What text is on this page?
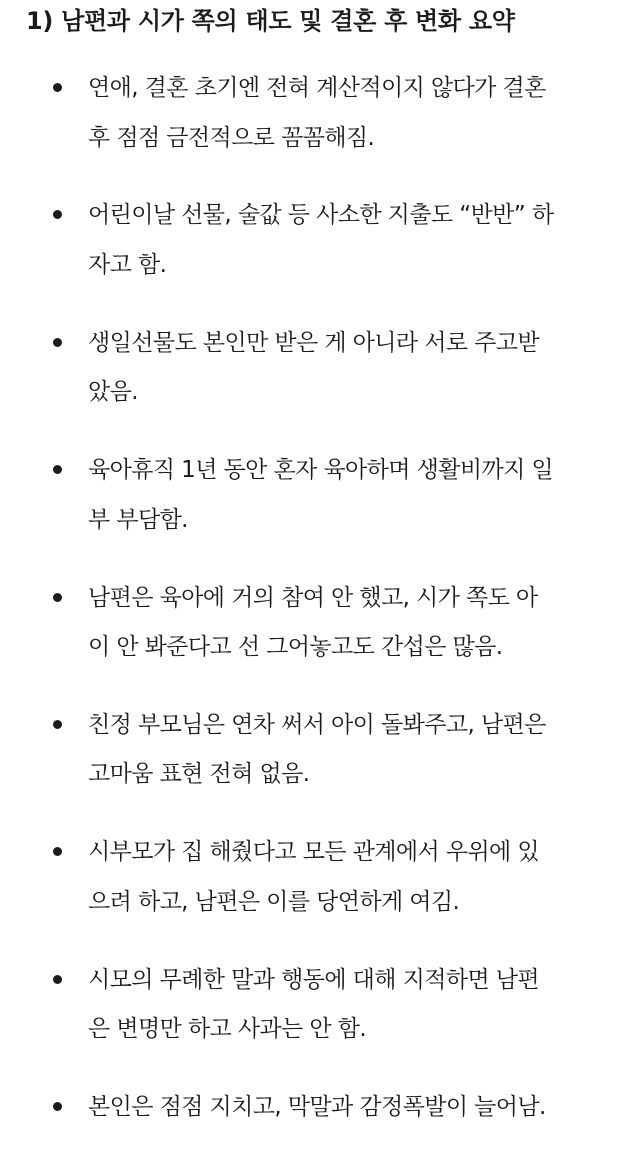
1) 남편과 시가 쪽의 태도 및 결혼 후 변화 요약
연애, 결혼 초기엔 전혀 계산적이지 않다가 결혼
후 점점 금전적으로 꼼꼼해짐.
어린이날 선물, 술값 등 사소한 지출도 “반반” 하
자고 함.
생일선물도 본인만 받은 게 아니라 서로 주고받
았음.
육아휴직 1년 동안 혼자 육아하며 생활비까지 일
부 부담함.
남편은 육아에 거의 참여 안 했고, 시가 쪽도 아
이 안 봐준다고 선 그어놓고도 간섭은 많음.
친정 부모님은 연차 써서 아이 돌봐주고, 남편은
고마움 표현 전혀 없음.
시부모가 집 해줬다고 모든 관계에서 우위에 있
으려 하고, 남편은 이를 당연하게 여김.
시모의 무례한 말과 행동에 대해 지적하면 남편
은 변명만 하고 사과는 안 함.
본인은 점점 지치고, 막말과 감정폭발이 늘어남.
